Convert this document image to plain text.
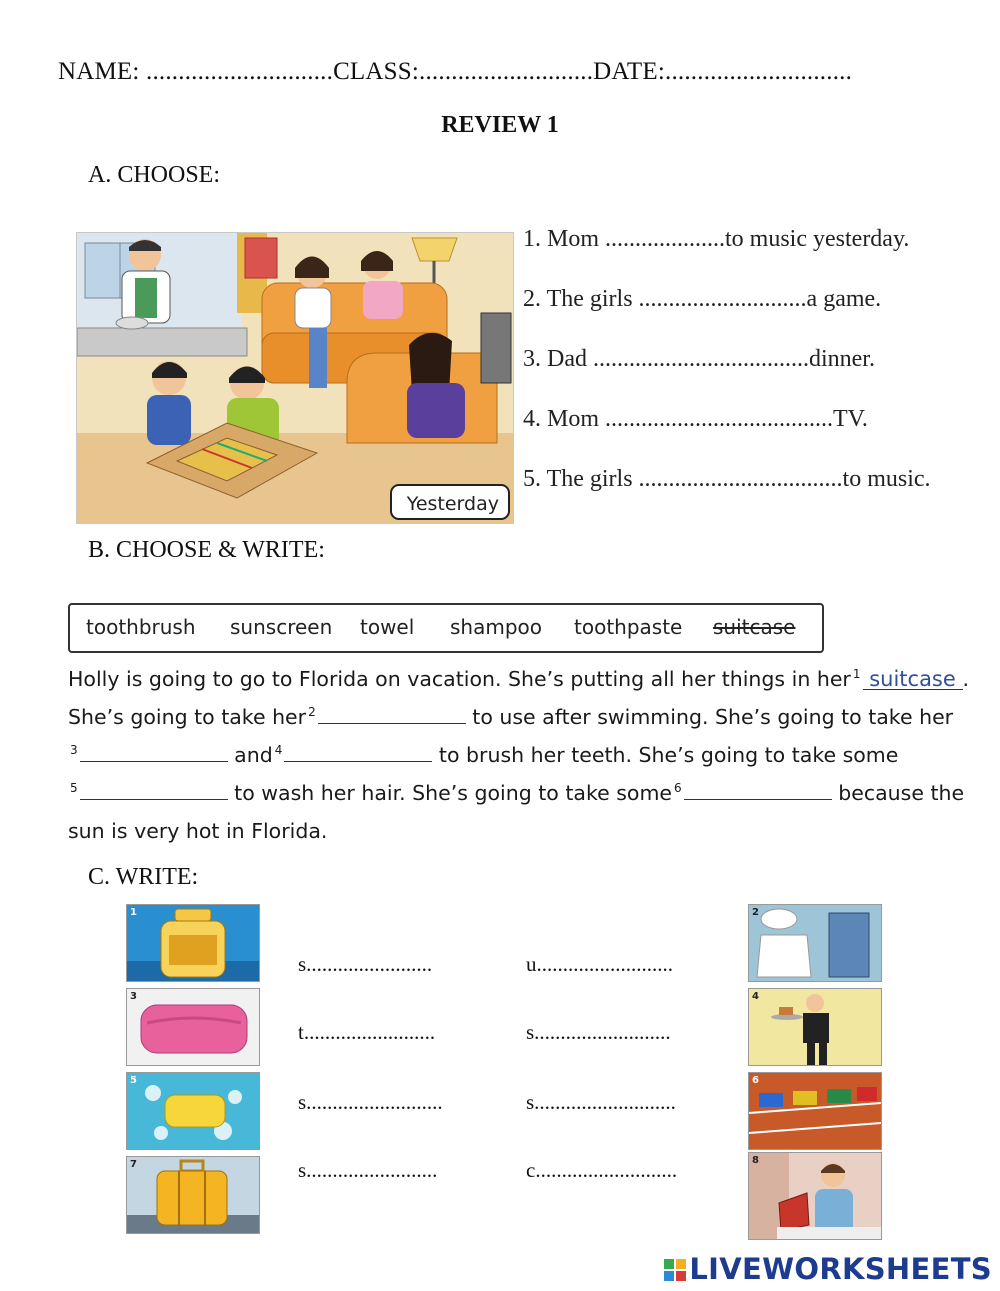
NAME: .............................CLASS:...........................DATE:.............................
REVIEW 1
A. CHOOSE:
Yesterday
1. Mom ....................to music yesterday.
2. The girls ............................a game.
3. Dad ....................................dinner.
4. Mom ......................................TV.
5. The girls ..................................to music.
B. CHOOSE & WRITE:
toothbrush sunscreen towel shampoo toothpaste suitcase
Holly is going to go to Florida on vacation. She’s putting all her things in her $^1$ suitcase .
She’s going to take her $^2$	to use after swimming. She’s going to take her
$^3$	and $^4$	to brush her teeth. She’s going to take some
$^5$	to wash her hair. She’s going to take some $^6$	because the
sun is very hot in Florida.
C. WRITE:
1
s........................	u..........................
2
3
t.........................	s..........................
4
5
s..........................	s...........................
6
7	s.........................	c...........................	8
LIVEWORKSHEETS
